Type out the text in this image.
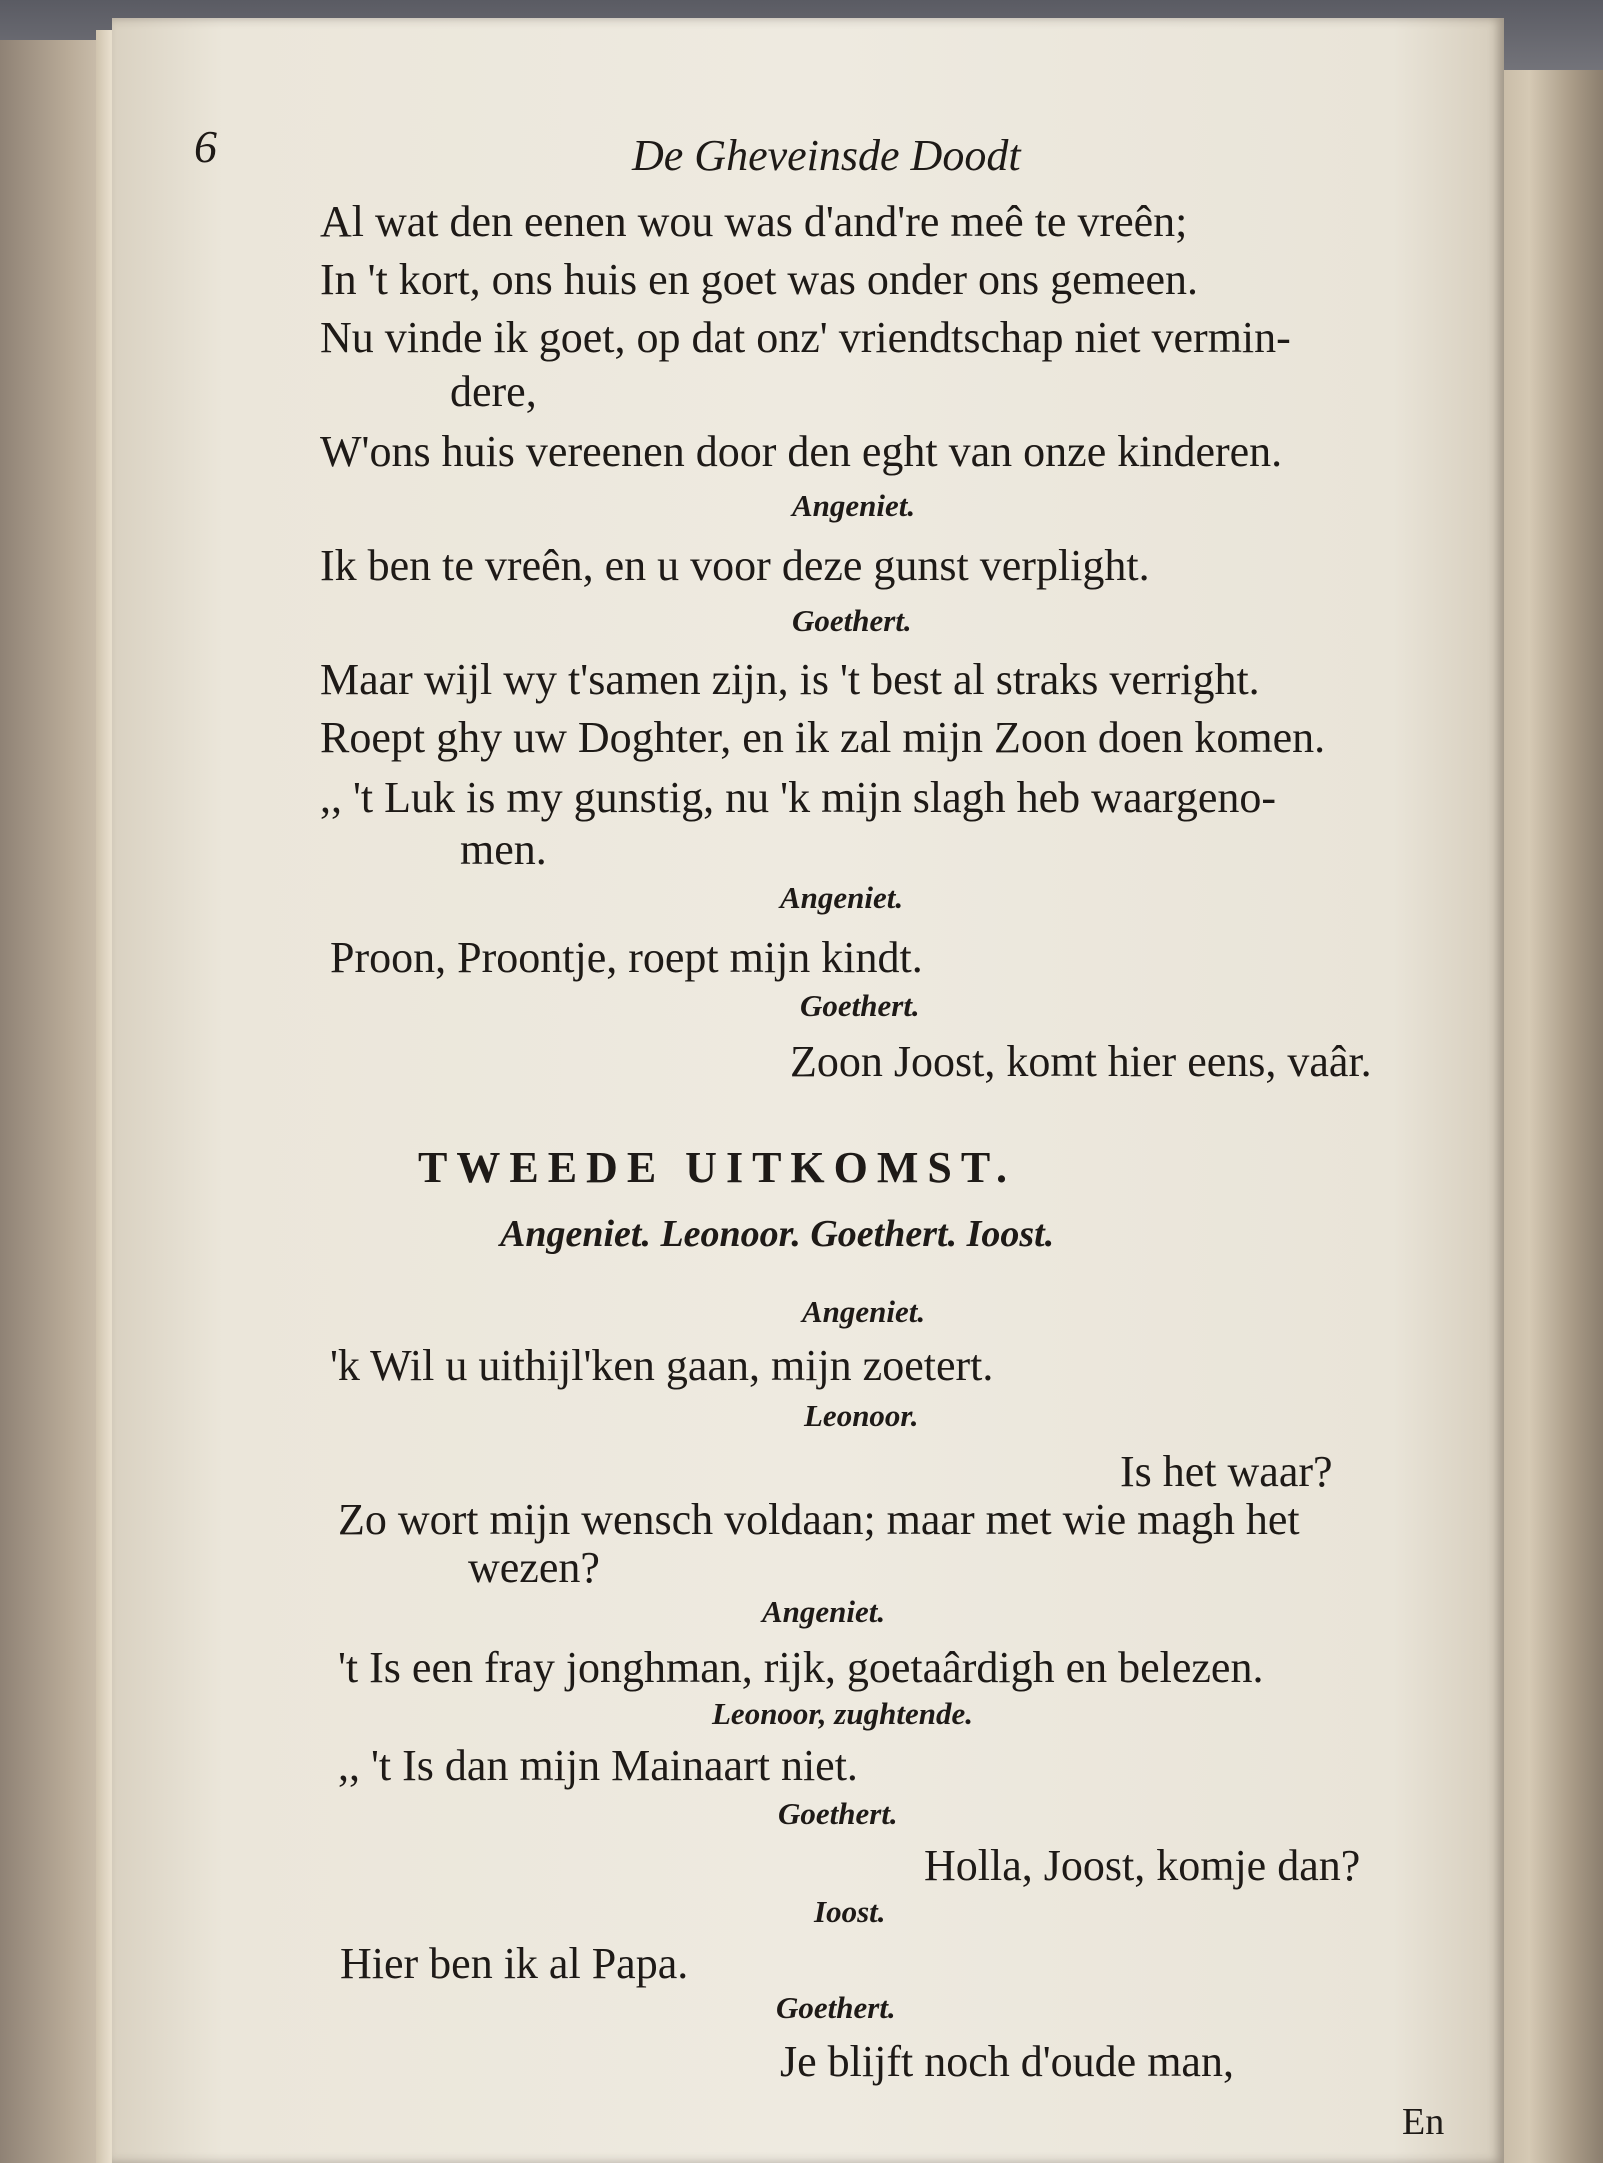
6	De Gheveinsde Doodt
Al wat den eenen wou was d'and're meê te vreên;
In 't kort, ons huis en goet was onder ons gemeen.
Nu vinde ik goet, op dat onz' vriendtschap niet vermin-
dere,
W'ons huis vereenen door den eght van onze kinderen.
Angeniet.
Ik ben te vreên, en u voor deze gunst verplight.
Goethert.
Maar wijl wy t'samen zijn, is 't best al straks verright.
Roept ghy uw Doghter, en ik zal mijn Zoon doen komen.
,, 't Luk is my gunstig, nu 'k mijn slagh heb waargeno-
men.
Angeniet.
Proon, Proontje, roept mijn kindt.
Goethert.
Zoon Joost, komt hier eens, vaâr.
TWEEDE UITKOMST.
Angeniet. Leonoor. Goethert. Ioost.
Angeniet.
'k Wil u uithijl'ken gaan, mijn zoetert.
Leonoor.
Is het waar?
Zo wort mijn wensch voldaan; maar met wie magh het
wezen?
Angeniet.
't Is een fray jonghman, rijk, goetaârdigh en belezen.
Leonoor, zughtende.
,, 't Is dan mijn Mainaart niet.
Goethert.
Holla, Joost, komje dan?
Ioost.
Hier ben ik al Papa.
Goethert.
Je blijft noch d'oude man,
En
